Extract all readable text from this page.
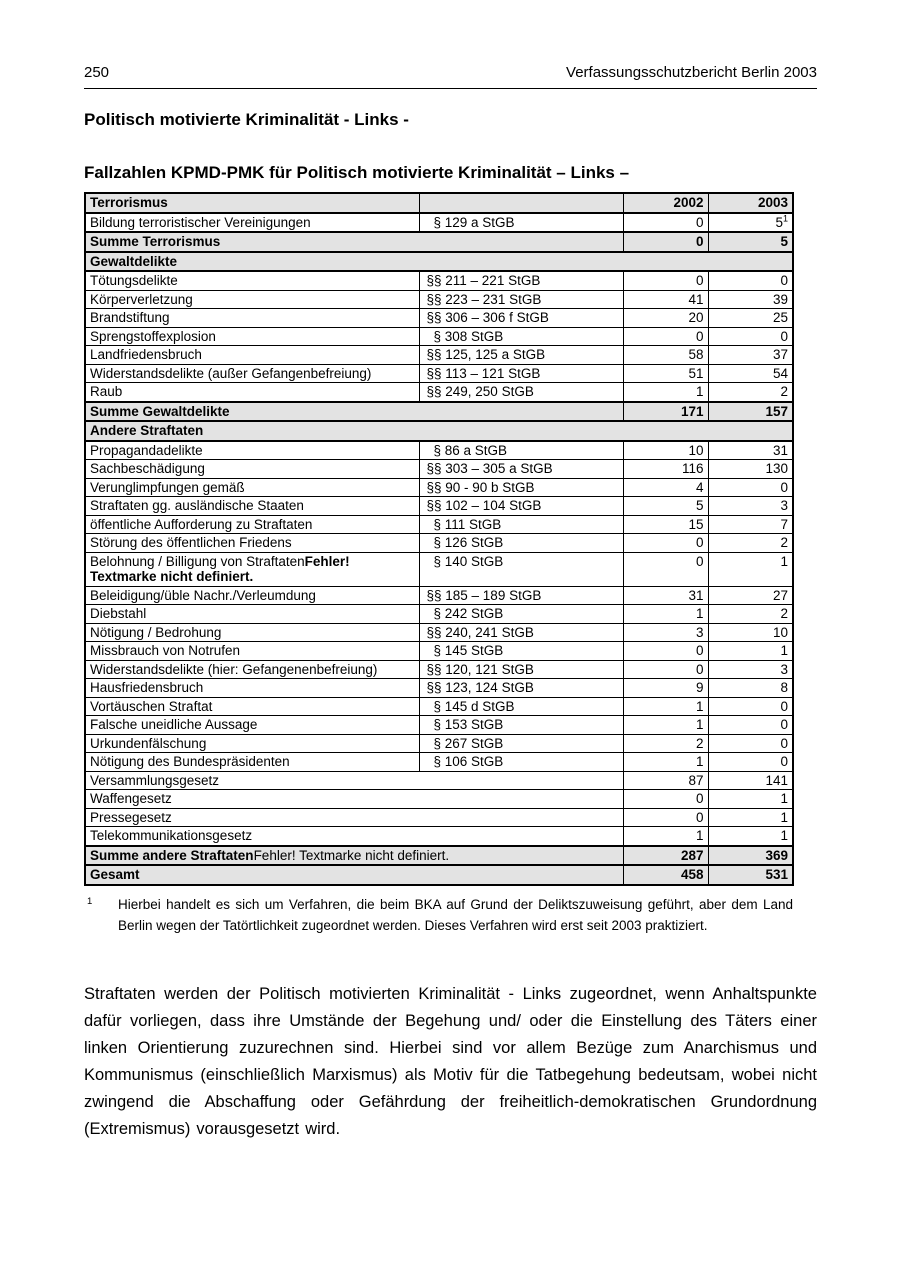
250	Verfassungsschutzbericht Berlin 2003
Politisch motivierte Kriminalität - Links -
Fallzahlen KPMD-PMK für Politisch motivierte Kriminalität – Links –
Terrorismus		2002	2003
Bildung terroristischer Vereinigungen	§ 129 a StGB	0	$5^1$
Summe Terrorismus		0	5
Gewaltdelikte			
Tötungsdelikte	§§ 211 – 221 StGB	0	0
Körperverletzung	§§ 223 – 231 StGB	41	39
Brandstiftung	§§ 306 – 306 f StGB	20	25
Sprengstoffexplosion	§ 308 StGB	0	0
Landfriedensbruch	§§ 125, 125 a StGB	58	37
Widerstandsdelikte (außer Gefangenbefreiung)	§§ 113 – 121 StGB	51	54
Raub	§§ 249, 250 StGB	1	2
Summe Gewaltdelikte		171	157
Andere Straftaten			
Propagandadelikte	§ 86 a StGB	10	31
Sachbeschädigung	§§ 303 – 305 a StGB	116	130
Verunglimpfungen gemäß	§§ 90 - 90 b StGB	4	0
Straftaten gg. ausländische Staaten	§§ 102 – 104 StGB	5	3
öffentliche Aufforderung zu Straftaten	§ 111 StGB	15	7
Störung des öffentlichen Friedens	§ 126 StGB	0	2
Belohnung / Billigung von StraftatenFehler! Textmarke nicht definiert.	§ 140 StGB	0	1
Beleidigung/üble Nachr./Verleumdung	§§ 185 – 189 StGB	31	27
Diebstahl	§ 242 StGB	1	2
Nötigung / Bedrohung	§§ 240, 241 StGB	3	10
Missbrauch von Notrufen	§ 145 StGB	0	1
Widerstandsdelikte (hier: Gefangenenbefreiung)	§§ 120, 121 StGB	0	3
Hausfriedensbruch	§§ 123, 124 StGB	9	8
Vortäuschen Straftat	§ 145 d StGB	1	0
Falsche uneidliche Aussage	§ 153 StGB	1	0
Urkundenfälschung	§ 267 StGB	2	0
Nötigung des Bundespräsidenten	§ 106 StGB	1	0
Versammlungsgesetz		87	141
Waffengesetz		0	1
Pressegesetz		0	1
Telekommunikationsgesetz		1	1
Summe andere StraftatenFehler! Textmarke nicht definiert.		287	369
Gesamt		458	531
1	Hierbei handelt es sich um Verfahren, die beim BKA auf Grund der Deliktszuweisung geführt, aber dem Land Berlin wegen der Tatörtlichkeit zugeordnet werden. Dieses Verfahren wird erst seit 2003 praktiziert.

Straftaten werden der Politisch motivierten Kriminalität - Links zugeordnet, wenn Anhaltspunkte dafür vorliegen, dass ihre Umstände der Begehung und/ oder die Einstellung des Täters einer linken Orientierung zuzurechnen sind. Hierbei sind vor allem Bezüge zum Anarchismus und Kommunismus (einschließlich Marxismus) als Motiv für die Tatbegehung bedeutsam, wobei nicht zwingend die Abschaffung oder Gefährdung der freiheitlich-demokratischen Grundordnung (Extremismus) vorausgesetzt wird.
